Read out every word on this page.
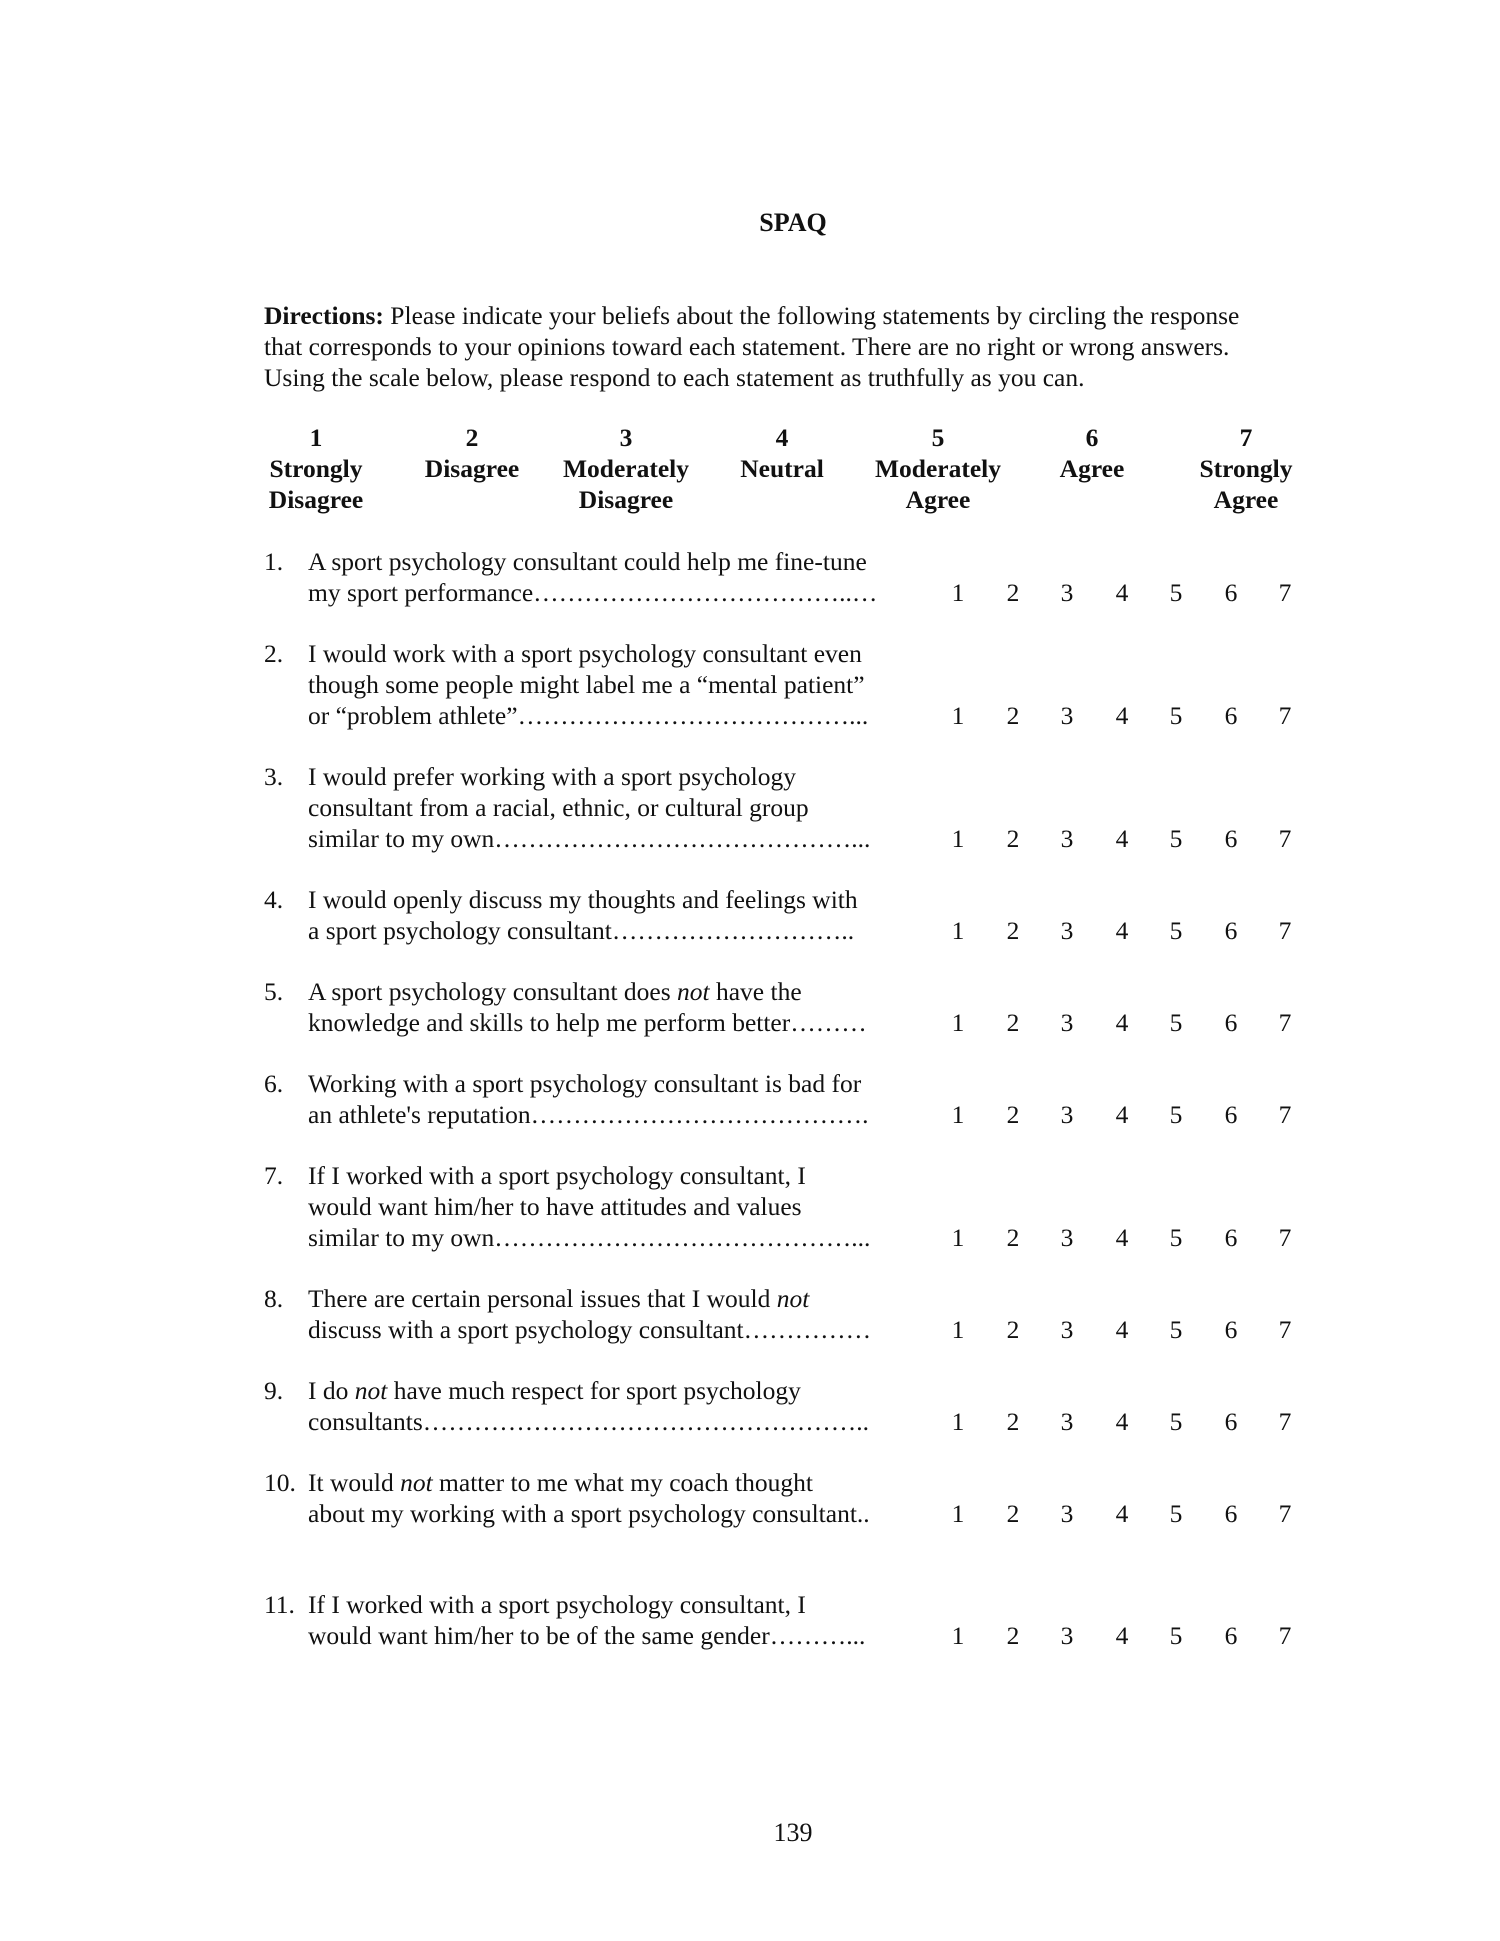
SPAQ
Directions: Please indicate your beliefs about the following statements by circling the response
that corresponds to your opinions toward each statement. There are no right or wrong answers.
Using the scale below, please respond to each statement as truthfully as you can.
1
Strongly
Disagree
2
Disagree

3
Moderately
Disagree
4
Neutral

5
Moderately
Agree
6
Agree

7
Strongly
Agree
1. A sport psychology consultant could help me fine-tune
my sport performance………………………………..…	1	2	3	4	5	6	7
2. I would work with a sport psychology consultant even
though some people might label me a “mental patient”
or “problem athlete”…………………………………...	1	2	3	4	5	6	7
3. I would prefer working with a sport psychology
consultant from a racial, ethnic, or cultural group
similar to my own……………………………………...	1	2	3	4	5	6	7
4. I would openly discuss my thoughts and feelings with
a sport psychology consultant………………………..	1	2	3	4	5	6	7
5. A sport psychology consultant does not have the
knowledge and skills to help me perform better………	1	2	3	4	5	6	7
6. Working with a sport psychology consultant is bad for
an athlete's reputation………………………………….	1	2	3	4	5	6	7
7. If I worked with a sport psychology consultant, I
would want him/her to have attitudes and values
similar to my own……………………………………...	1	2	3	4	5	6	7
8. There are certain personal issues that I would not
discuss with a sport psychology consultant……………	1	2	3	4	5	6	7
9. I do not have much respect for sport psychology
consultants……………………………………………..	1	2	3	4	5	6	7
10. It would not matter to me what my coach thought
about my working with a sport psychology consultant..	1	2	3	4	5	6	7
11. If I worked with a sport psychology consultant, I
would want him/her to be of the same gender………...	1	2	3	4	5	6	7
139
